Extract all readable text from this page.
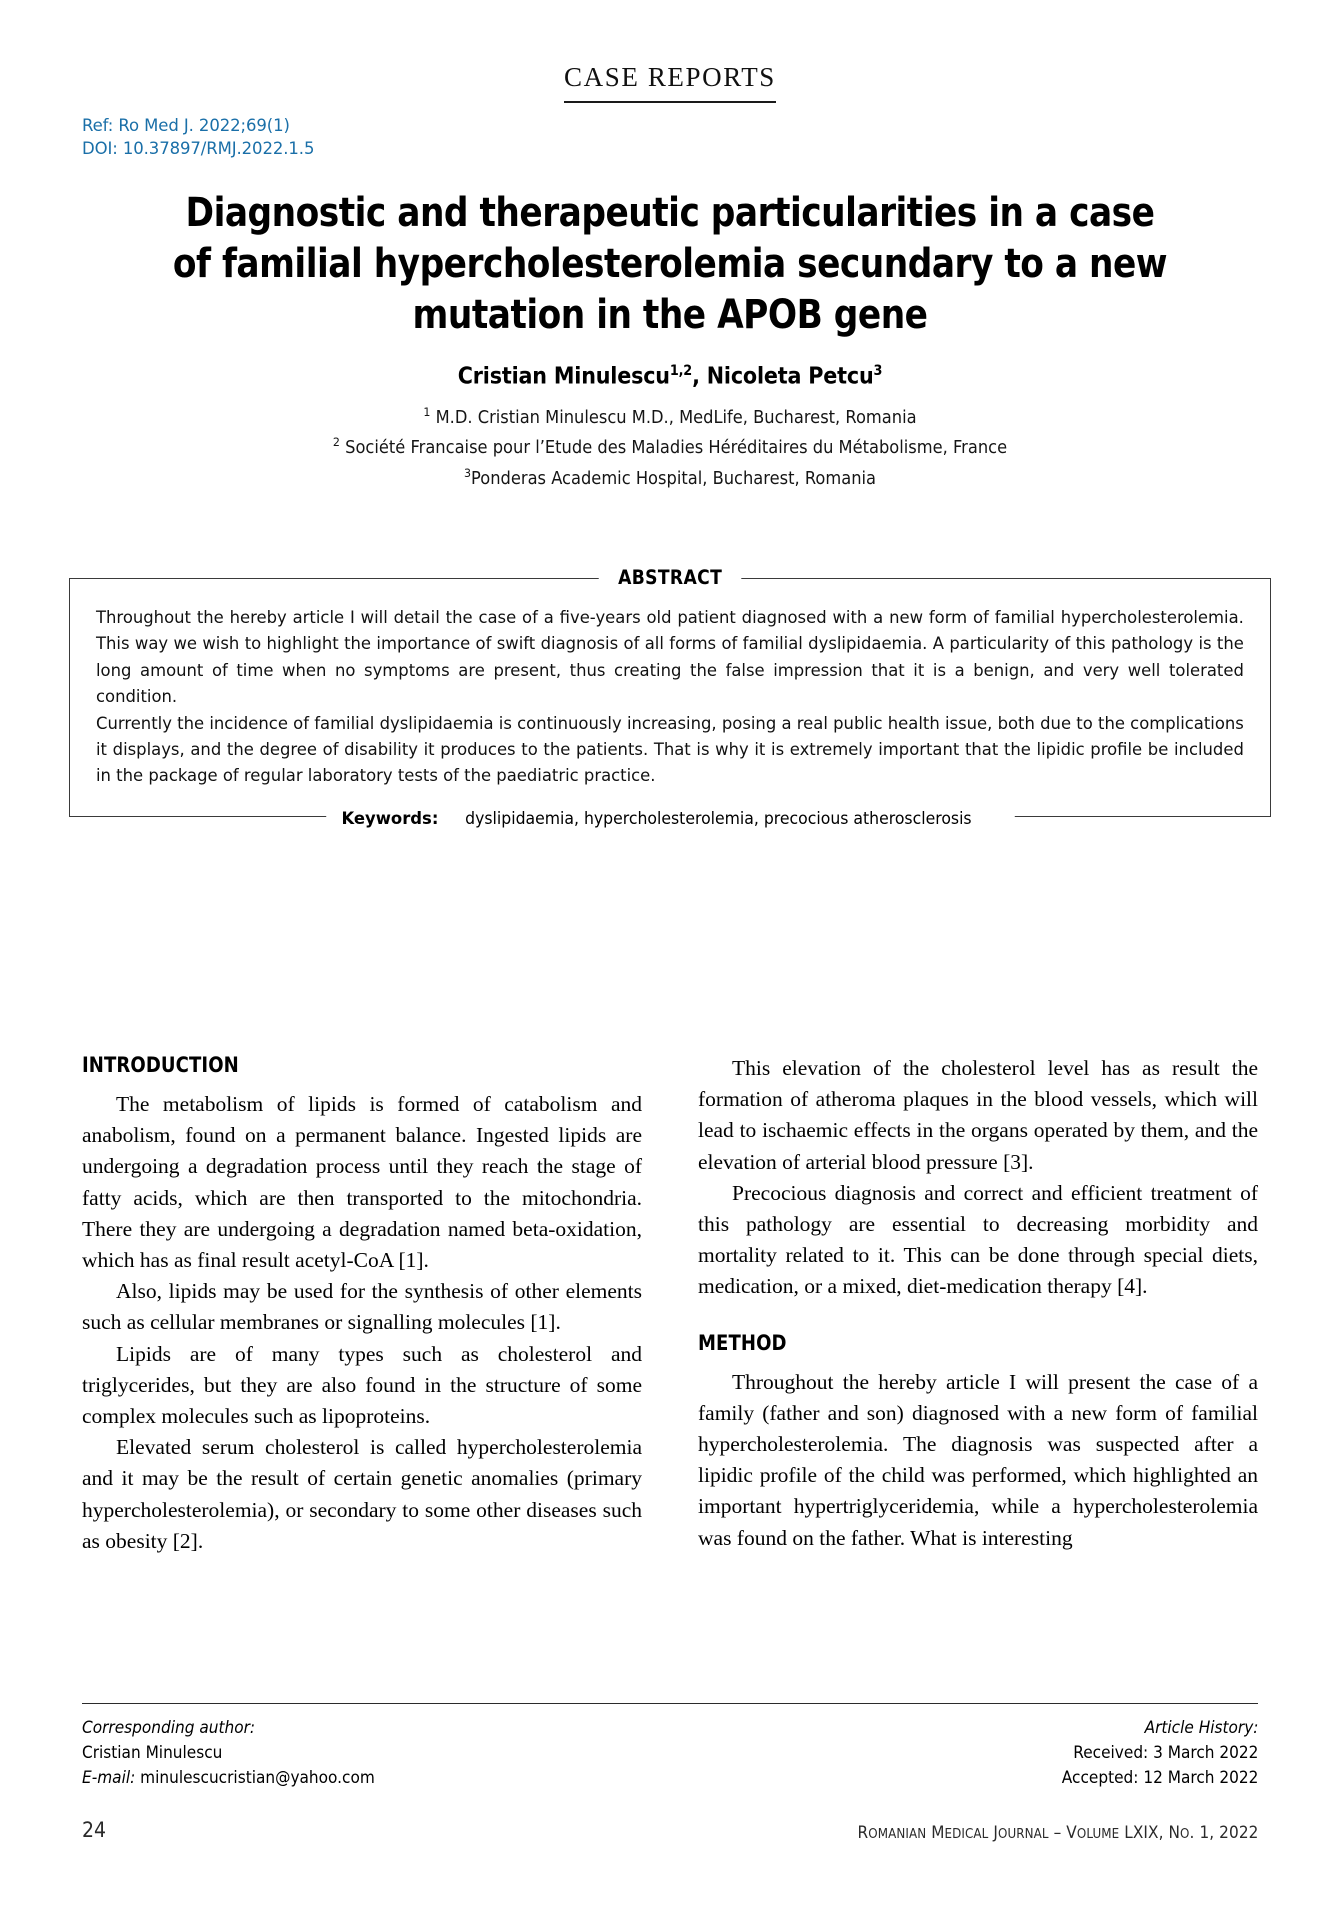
CASE REPORTS
Ref: Ro Med J. 2022;69(1)
DOI: 10.37897/RMJ.2022.1.5
Diagnostic and therapeutic particularities in a case of familial hypercholesterolemia secundary to a new mutation in the APOB gene
Cristian Minulescu$^{1,2}$, Nicoleta Petcu$^3$
$^1$ M.D. Cristian Minulescu M.D., MedLife, Bucharest, Romania
$^2$ Société Francaise pour l’Etude des Maladies Héréditaires du Métabolisme, France
$^3$Ponderas Academic Hospital, Bucharest, Romania
ABSTRACT

Throughout the hereby article I will detail the case of a five-years old patient diagnosed with a new form of familial hypercholesterolemia. This way we wish to highlight the importance of swift diagnosis of all forms of familial dyslipidaemia. A particularity of this pathology is the long amount of time when no symptoms are present, thus creating the false impression that it is a benign, and very well tolerated condition.

Currently the incidence of familial dyslipidaemia is continuously increasing, posing a real public health issue, both due to the complications it displays, and the degree of disability it produces to the patients. That is why it is extremely important that the lipidic profile be included in the package of regular laboratory tests of the paediatric practice.

Keywords:dyslipidaemia, hypercholesterolemia, precocious atherosclerosis
INTRODUCTION

The metabolism of lipids is formed of catabolism and anabolism, found on a permanent balance. Ingested lipids are undergoing a degradation process until they reach the stage of fatty acids, which are then transported to the mitochondria. There they are undergoing a degradation named beta-oxidation, which has as final result acetyl-CoA [1].

Also, lipids may be used for the synthesis of other elements such as cellular membranes or signalling molecules [1].

Lipids are of many types such as cholesterol and triglycerides, but they are also found in the structure of some complex molecules such as lipoproteins.

Elevated serum cholesterol is called hypercholesterolemia and it may be the result of certain genetic anomalies (primary hypercholesterolemia), or secondary to some other diseases such as obesity [2].

This elevation of the cholesterol level has as result the formation of atheroma plaques in the blood vessels, which will lead to ischaemic effects in the organs operated by them, and the elevation of arterial blood pressure [3].

Precocious diagnosis and correct and efficient treatment of this pathology are essential to decreasing morbidity and mortality related to it. This can be done through special diets, medication, or a mixed, diet-medication therapy [4].

METHOD

Throughout the hereby article I will present the case of a family (father and son) diagnosed with a new form of familial hypercholesterolemia. The diagnosis was suspected after a lipidic profile of the child was performed, which highlighted an important hypertriglyceridemia, while a hypercholesterolemia was found on the father. What is interesting

Corresponding author:
Cristian Minulescu
E-mail: minulescucristian@yahoo.com
Article History:
Received: 3 March 2022
Accepted: 12 March 2022
24	ROMANIAN MEDICAL JOURNAL – VOLUME LXIX, NO. 1, 2022
